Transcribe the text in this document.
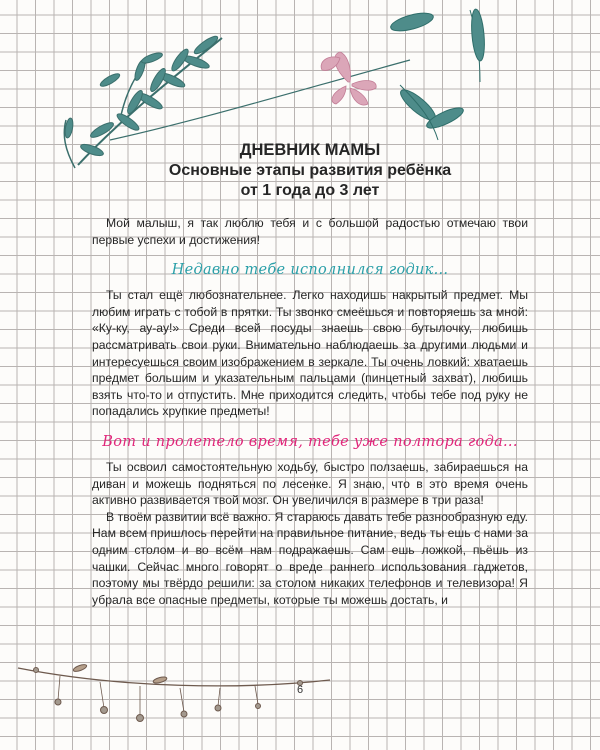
ДНЕВНИК МАМЫ

Основные этапы развития ребёнка

от 1 года до 3 лет

Мой малыш, я так люблю тебя и с большой радостью отмечаю твои первые успехи и достижения!

Недавно тебе исполнился годик...

Ты стал ещё любознательнее. Легко находишь накрытый предмет. Мы любим играть с тобой в прятки. Ты звонко смеёшься и повторяешь за мной: «Ку-ку, ау-ау!» Среди всей посуды знаешь свою бутылочку, любишь рассматривать свои руки. Внимательно наблюдаешь за другими людьми и интересуешься своим изображением в зеркале. Ты очень ловкий: хватаешь предмет большим и указательным пальцами (пинцетный захват), любишь взять что-то и отпустить. Мне приходится следить, чтобы тебе под руку не попадались хрупкие предметы!

Вот и пролетело время, тебе уже полтора года...

Ты освоил самостоятельную ходьбу, быстро ползаешь, забираешься на диван и можешь подняться по лесенке. Я знаю, что в это время очень активно развивается твой мозг. Он увеличился в размере в три раза!

В твоём развитии всё важно. Я стараюсь давать тебе разнообразную еду. Нам всем пришлось перейти на правильное питание, ведь ты ешь с нами за одним столом и во всём нам подражаешь. Сам ешь ложкой, пьёшь из чашки. Сейчас много говорят о вреде раннего использования гаджетов, поэтому мы твёрдо решили: за столом никаких телефонов и телевизора! Я убрала все опасные предметы, которые ты можешь достать, и

6
